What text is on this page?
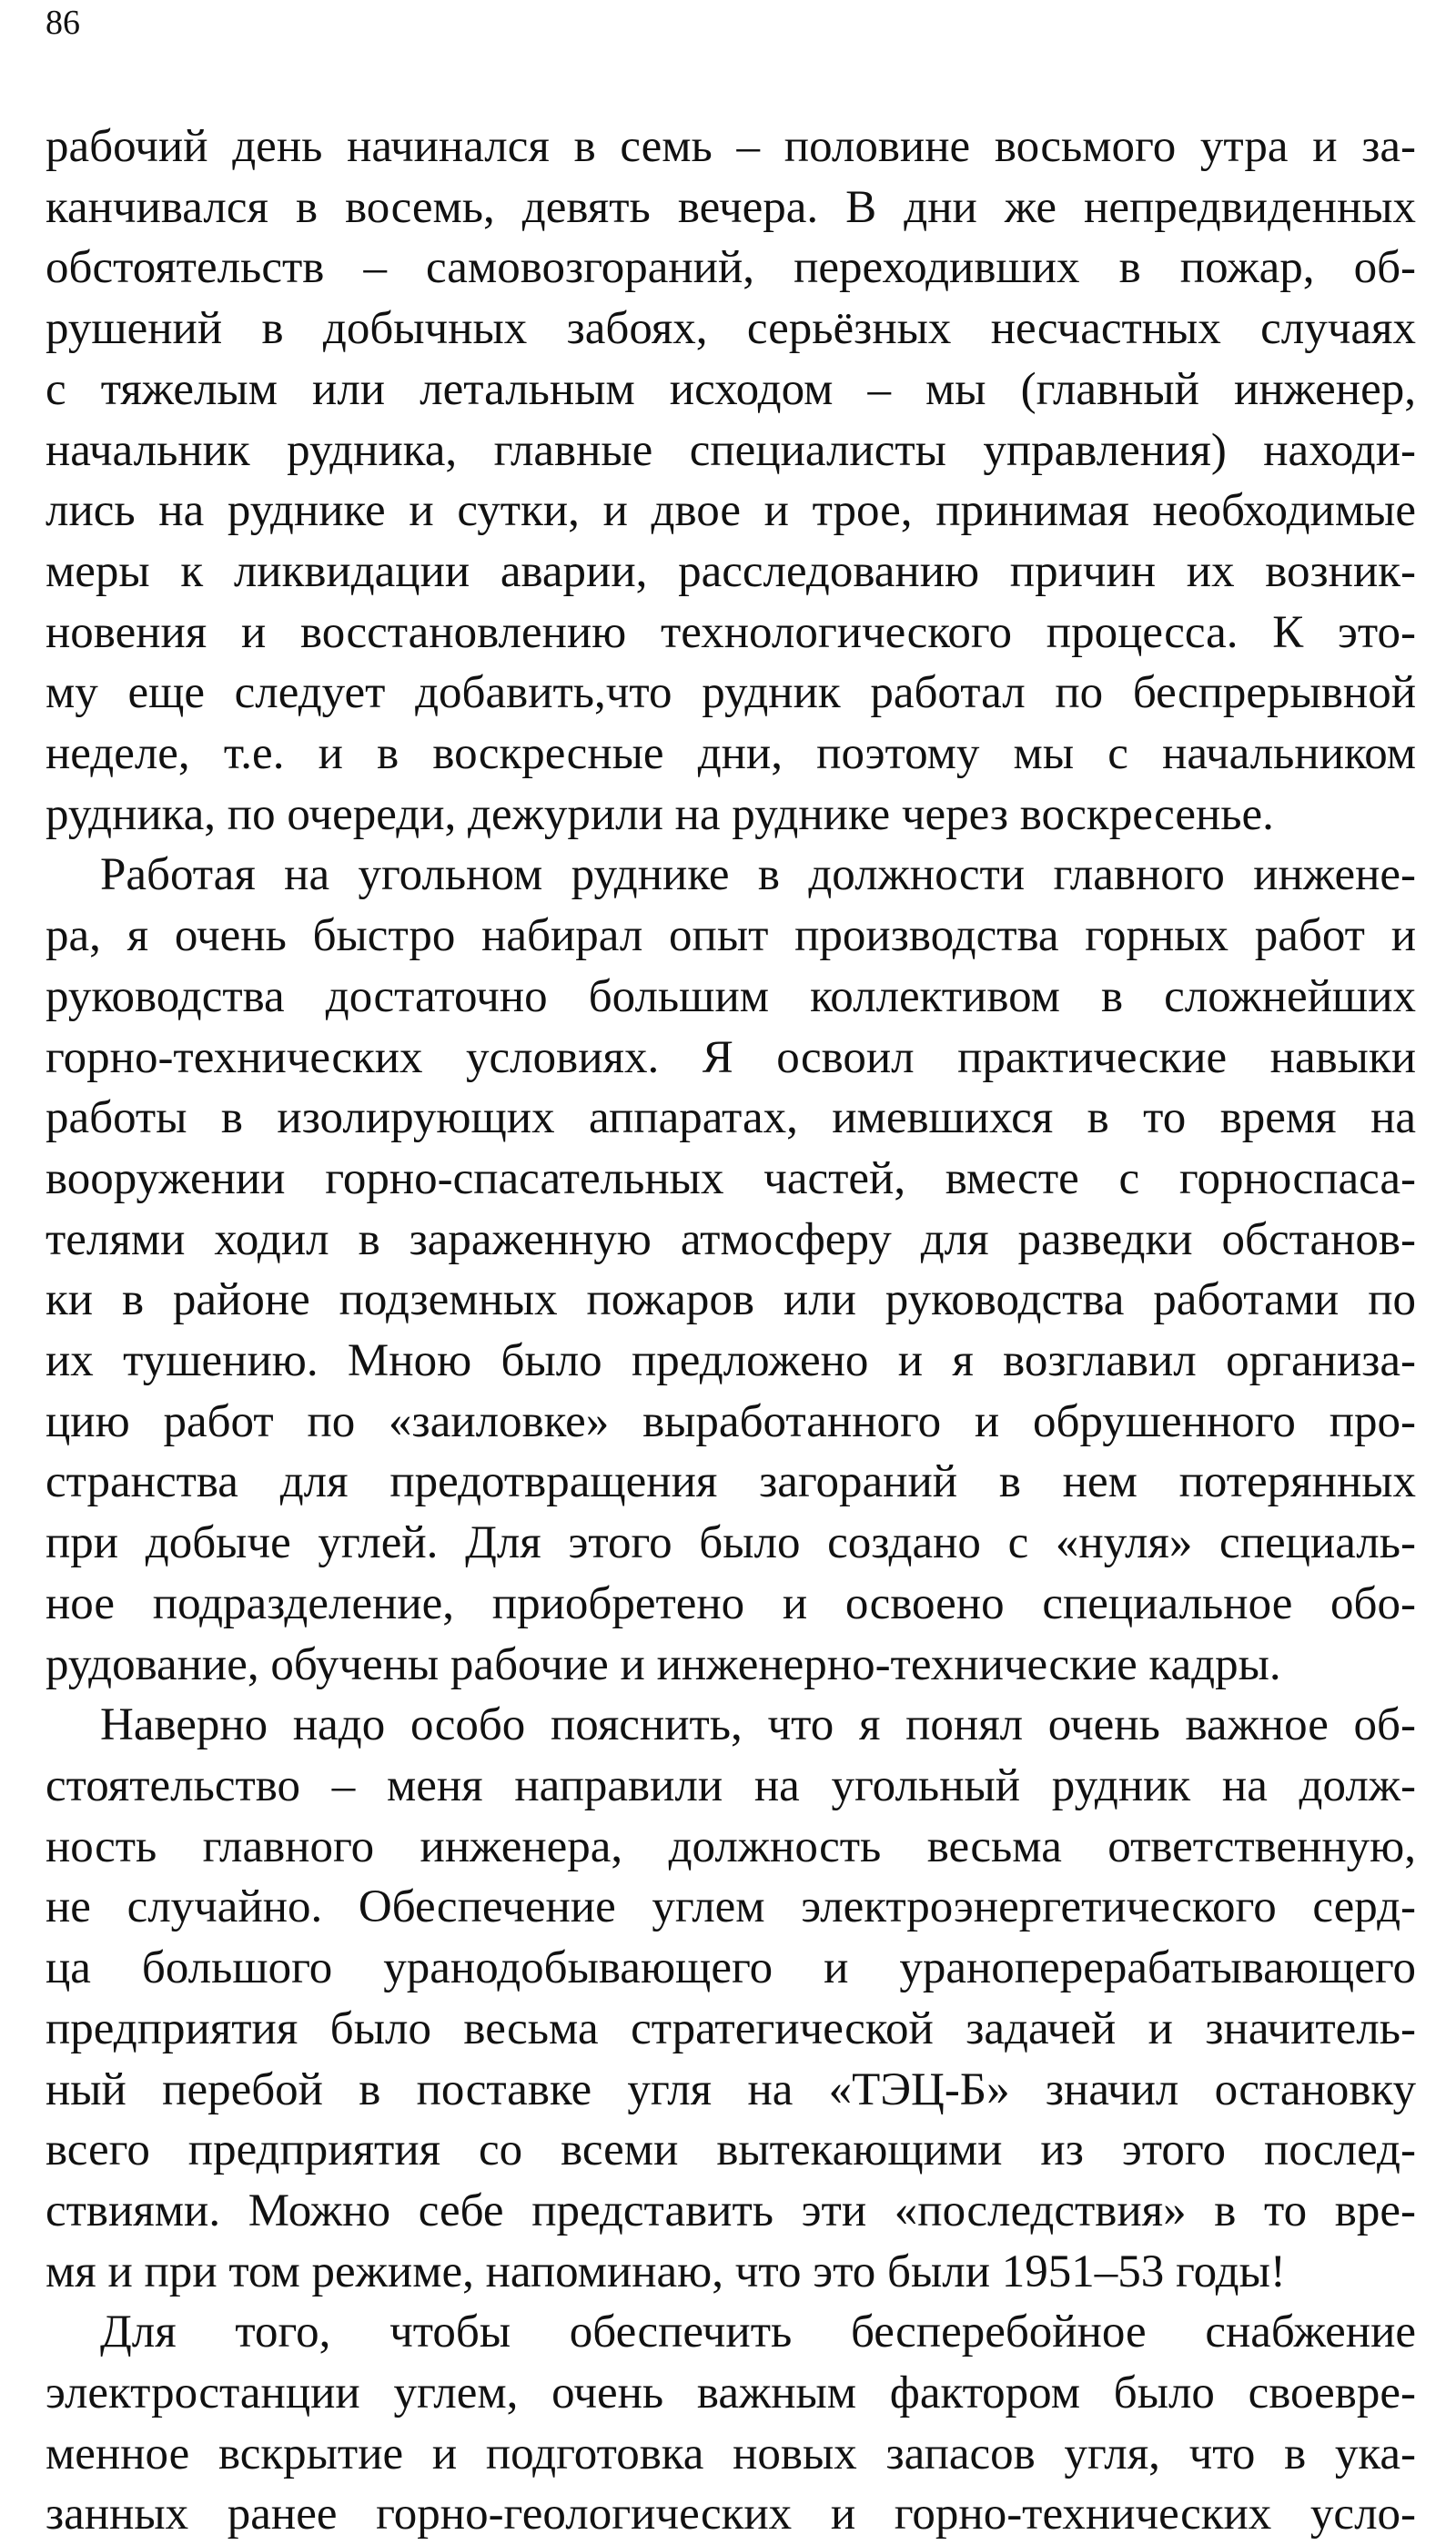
86

рабочий день начинался в семь – половине восьмого утра и за-
канчивался в восемь, девять вечера. В дни же непредвиденных
обстоятельств – самовозгораний, переходивших в пожар, об-
рушений в добычных забоях, серьёзных несчастных случаях
с тяжелым или летальным исходом – мы (главный инженер,
начальник рудника, главные специалисты управления) находи-
лись на руднике и сутки, и двое и трое, принимая необходимые
меры к ликвидации аварии, расследованию причин их возник-
новения и восстановлению технологического процесса. К это-
му еще следует добавить,что рудник работал по беспрерывной
неделе, т.е. и в воскресные дни, поэтому мы с начальником
рудника, по очереди, дежурили на руднике через воскресенье.

Работая на угольном руднике в должности главного инжене-
ра, я очень быстро набирал опыт производства горных работ и
руководства достаточно большим коллективом в сложнейших
горно-технических условиях. Я освоил практические навыки
работы в изолирующих аппаратах, имевшихся в то время на
вооружении горно-спасательных частей, вместе с горноспаса-
телями ходил в зараженную атмосферу для разведки обстанов-
ки в районе подземных пожаров или руководства работами по
их тушению. Мною было предложено и я возглавил организа-
цию работ по «заиловке» выработанного и обрушенного про-
странства для предотвращения загораний в нем потерянных
при добыче углей. Для этого было создано с «нуля» специаль-
ное подразделение, приобретено и освоено специальное обо-
рудование, обучены рабочие и инженерно-технические кадры.

Наверно надо особо пояснить, что я понял очень важное об-
стоятельство – меня направили на угольный рудник на долж-
ность главного инженера, должность весьма ответственную,
не случайно. Обеспечение углем электроэнергетического серд-
ца большого уранодобывающего и ураноперерабатывающего
предприятия было весьма стратегической задачей и значитель-
ный перебой в поставке угля на «ТЭЦ-Б» значил остановку
всего предприятия со всеми вытекающими из этого послед-
ствиями. Можно себе представить эти «последствия» в то вре-
мя и при том режиме, напоминаю, что это были 1951–53 годы!

Для того, чтобы обеспечить бесперебойное снабжение
электростанции углем, очень важным фактором было своевре-
менное вскрытие и подготовка новых запасов угля, что в ука-
занных ранее горно-геологических и горно-технических усло-
